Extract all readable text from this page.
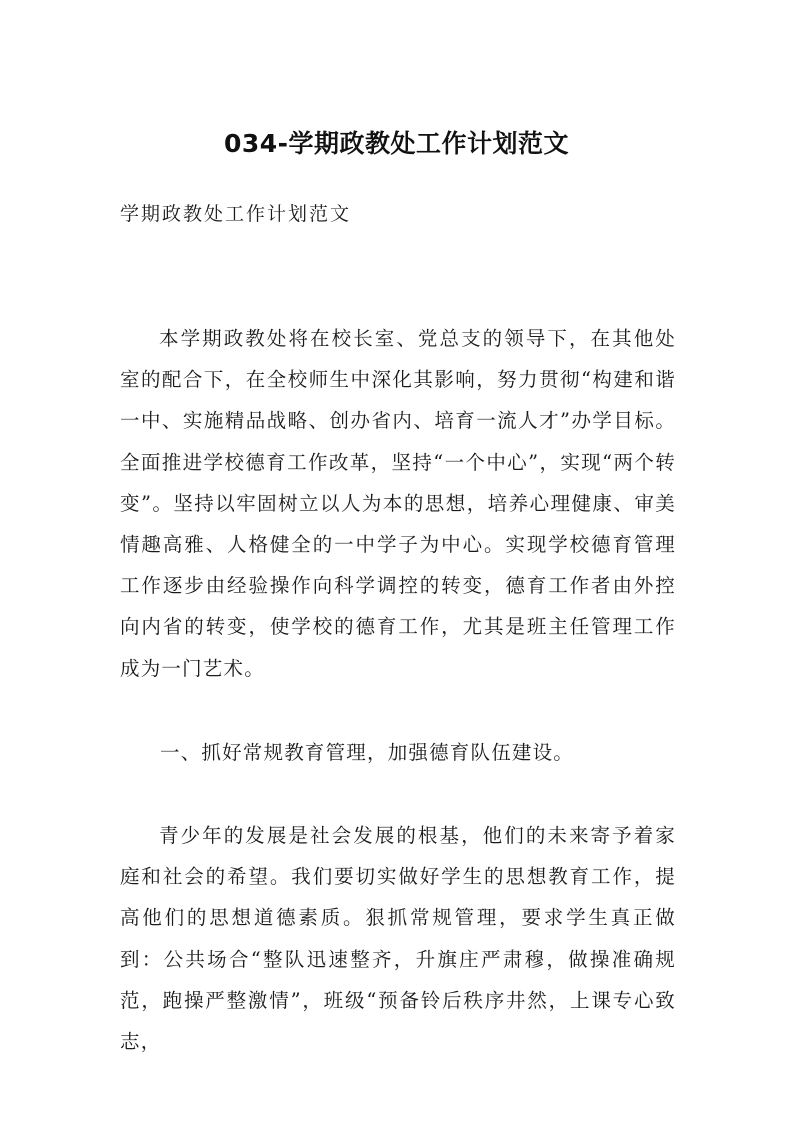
034-学期政教处工作计划范文
学期政教处工作计划范文

本学期政教处将在校长室、党总支的领导下，在其他处室的配合下，在全校师生中深化其影响，努力贯彻“构建和谐一中、实施精品战略、创办省内、培育一流人才”办学目标。全面推进学校德育工作改革，坚持“一个中心”，实现“两个转变”。坚持以牢固树立以人为本的思想，培养心理健康、审美情趣高雅、人格健全的一中学子为中心。实现学校德育管理工作逐步由经验操作向科学调控的转变，德育工作者由外控向内省的转变，使学校的德育工作，尤其是班主任管理工作成为一门艺术。

一、抓好常规教育管理，加强德育队伍建设。

青少年的发展是社会发展的根基，他们的未来寄予着家庭和社会的希望。我们要切实做好学生的思想教育工作，提高他们的思想道德素质。狠抓常规管理，要求学生真正做到：公共场合“整队迅速整齐，升旗庄严肃穆，做操准确规范，跑操严整激情”，班级“预备铃后秩序井然，上课专心致志，
